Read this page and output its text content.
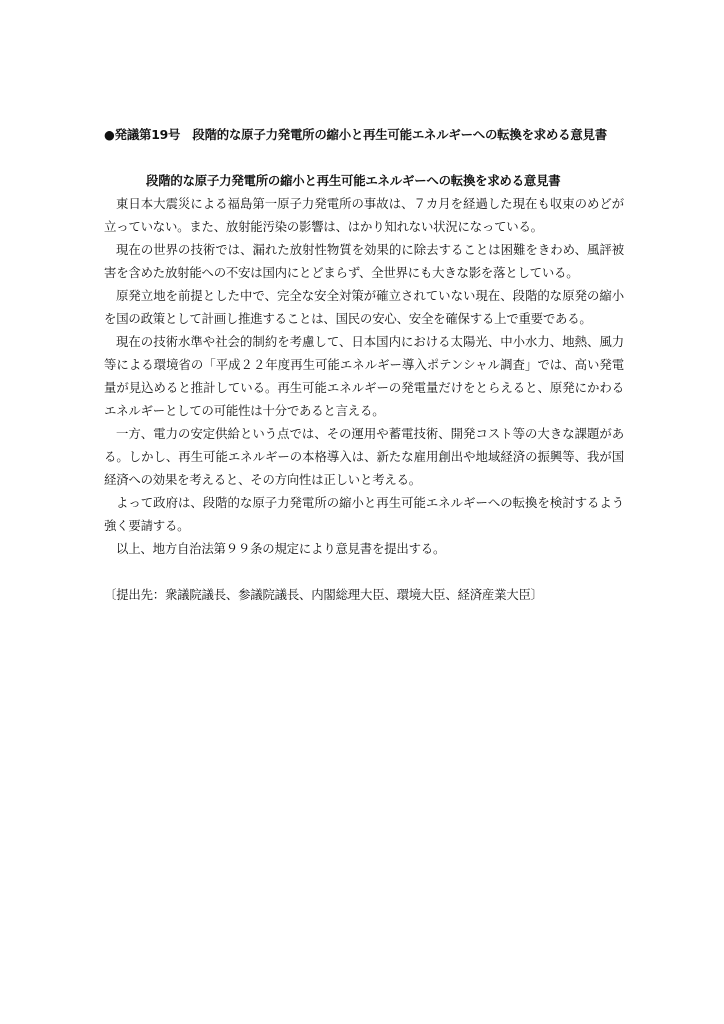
●発議第19号　段階的な原子力発電所の縮小と再生可能エネルギーへの転換を求める意見書

段階的な原子力発電所の縮小と再生可能エネルギーへの転換を求める意見書

東日本大震災による福島第一原子力発電所の事故は、７カ月を経過した現在も収束のめどが立っていない。また、放射能汚染の影響は、はかり知れない状況になっている。

現在の世界の技術では、漏れた放射性物質を効果的に除去することは困難をきわめ、風評被害を含めた放射能への不安は国内にとどまらず、全世界にも大きな影を落としている。

原発立地を前提とした中で、完全な安全対策が確立されていない現在、段階的な原発の縮小を国の政策として計画し推進することは、国民の安心、安全を確保する上で重要である。

現在の技術水準や社会的制約を考慮して、日本国内における太陽光、中小水力、地熱、風力等による環境省の「平成２２年度再生可能エネルギー導入ポテンシャル調査」では、高い発電量が見込めると推計している。再生可能エネルギーの発電量だけをとらえると、原発にかわるエネルギーとしての可能性は十分であると言える。

一方、電力の安定供給という点では、その運用や蓄電技術、開発コスト等の大きな課題がある。しかし、再生可能エネルギーの本格導入は、新たな雇用創出や地域経済の振興等、我が国経済への効果を考えると、その方向性は正しいと考える。

よって政府は、段階的な原子力発電所の縮小と再生可能エネルギーへの転換を検討するよう強く要請する。

以上、地方自治法第９９条の規定により意見書を提出する。

〔提出先：衆議院議長、参議院議長、内閣総理大臣、環境大臣、経済産業大臣〕
